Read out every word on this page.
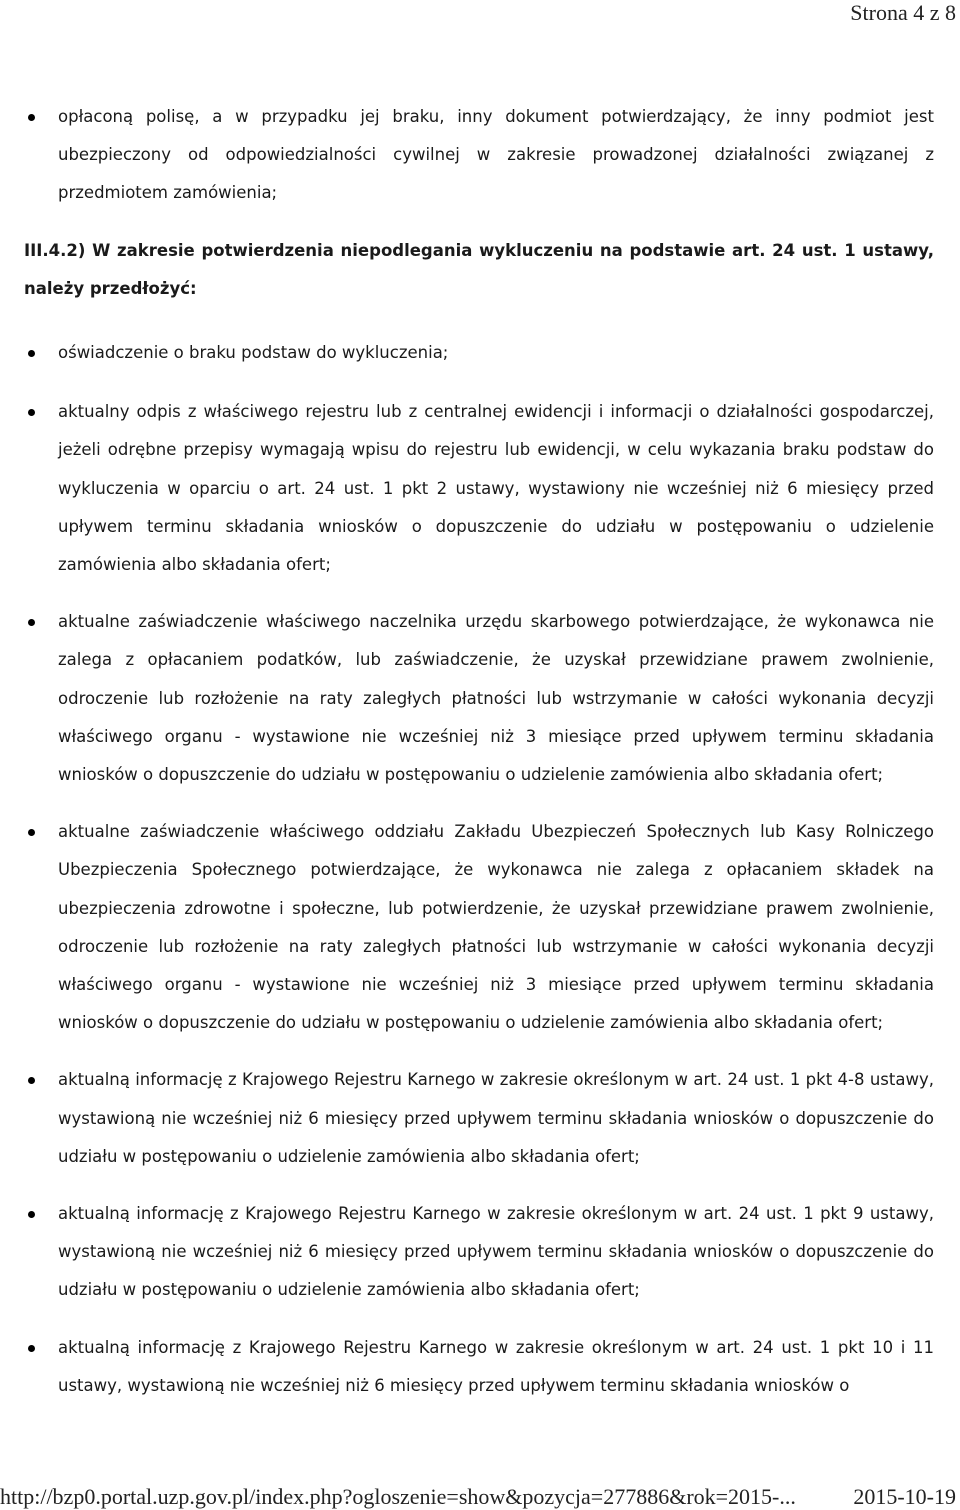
Strona 4 z 8
opłaconą polisę, a w przypadku jej braku, inny dokument potwierdzający, że inny podmiot jest ubezpieczony od odpowiedzialności cywilnej w zakresie prowadzonej działalności związanej z przedmiotem zamówienia;

III.4.2) W zakresie potwierdzenia niepodlegania wykluczeniu na podstawie art. 24 ust. 1 ustawy, należy przedłożyć:

oświadczenie o braku podstaw do wykluczenia;
aktualny odpis z właściwego rejestru lub z centralnej ewidencji i informacji o działalności gospodarczej, jeżeli odrębne przepisy wymagają wpisu do rejestru lub ewidencji, w celu wykazania braku podstaw do wykluczenia w oparciu o art. 24 ust. 1 pkt 2 ustawy, wystawiony nie wcześniej niż 6 miesięcy przed upływem terminu składania wniosków o dopuszczenie do udziału w postępowaniu o udzielenie zamówienia albo składania ofert;
aktualne zaświadczenie właściwego naczelnika urzędu skarbowego potwierdzające, że wykonawca nie zalega z opłacaniem podatków, lub zaświadczenie, że uzyskał przewidziane prawem zwolnienie, odroczenie lub rozłożenie na raty zaległych płatności lub wstrzymanie w całości wykonania decyzji właściwego organu - wystawione nie wcześniej niż 3 miesiące przed upływem terminu składania wniosków o dopuszczenie do udziału w postępowaniu o udzielenie zamówienia albo składania ofert;
aktualne zaświadczenie właściwego oddziału Zakładu Ubezpieczeń Społecznych lub Kasy Rolniczego Ubezpieczenia Społecznego potwierdzające, że wykonawca nie zalega z opłacaniem składek na ubezpieczenia zdrowotne i społeczne, lub potwierdzenie, że uzyskał przewidziane prawem zwolnienie, odroczenie lub rozłożenie na raty zaległych płatności lub wstrzymanie w całości wykonania decyzji właściwego organu - wystawione nie wcześniej niż 3 miesiące przed upływem terminu składania wniosków o dopuszczenie do udziału w postępowaniu o udzielenie zamówienia albo składania ofert;
aktualną informację z Krajowego Rejestru Karnego w zakresie określonym w art. 24 ust. 1 pkt 4-8 ustawy, wystawioną nie wcześniej niż 6 miesięcy przed upływem terminu składania wniosków o dopuszczenie do udziału w postępowaniu o udzielenie zamówienia albo składania ofert;
aktualną informację z Krajowego Rejestru Karnego w zakresie określonym w art. 24 ust. 1 pkt 9 ustawy, wystawioną nie wcześniej niż 6 miesięcy przed upływem terminu składania wniosków o dopuszczenie do udziału w postępowaniu o udzielenie zamówienia albo składania ofert;
aktualną informację z Krajowego Rejestru Karnego w zakresie określonym w art. 24 ust. 1 pkt 10 i 11 ustawy, wystawioną nie wcześniej niż 6 miesięcy przed upływem terminu składania wniosków o
http://bzp0.portal.uzp.gov.pl/index.php?ogloszenie=show&pozycja=277886&rok=2015-...	2015-10-19
